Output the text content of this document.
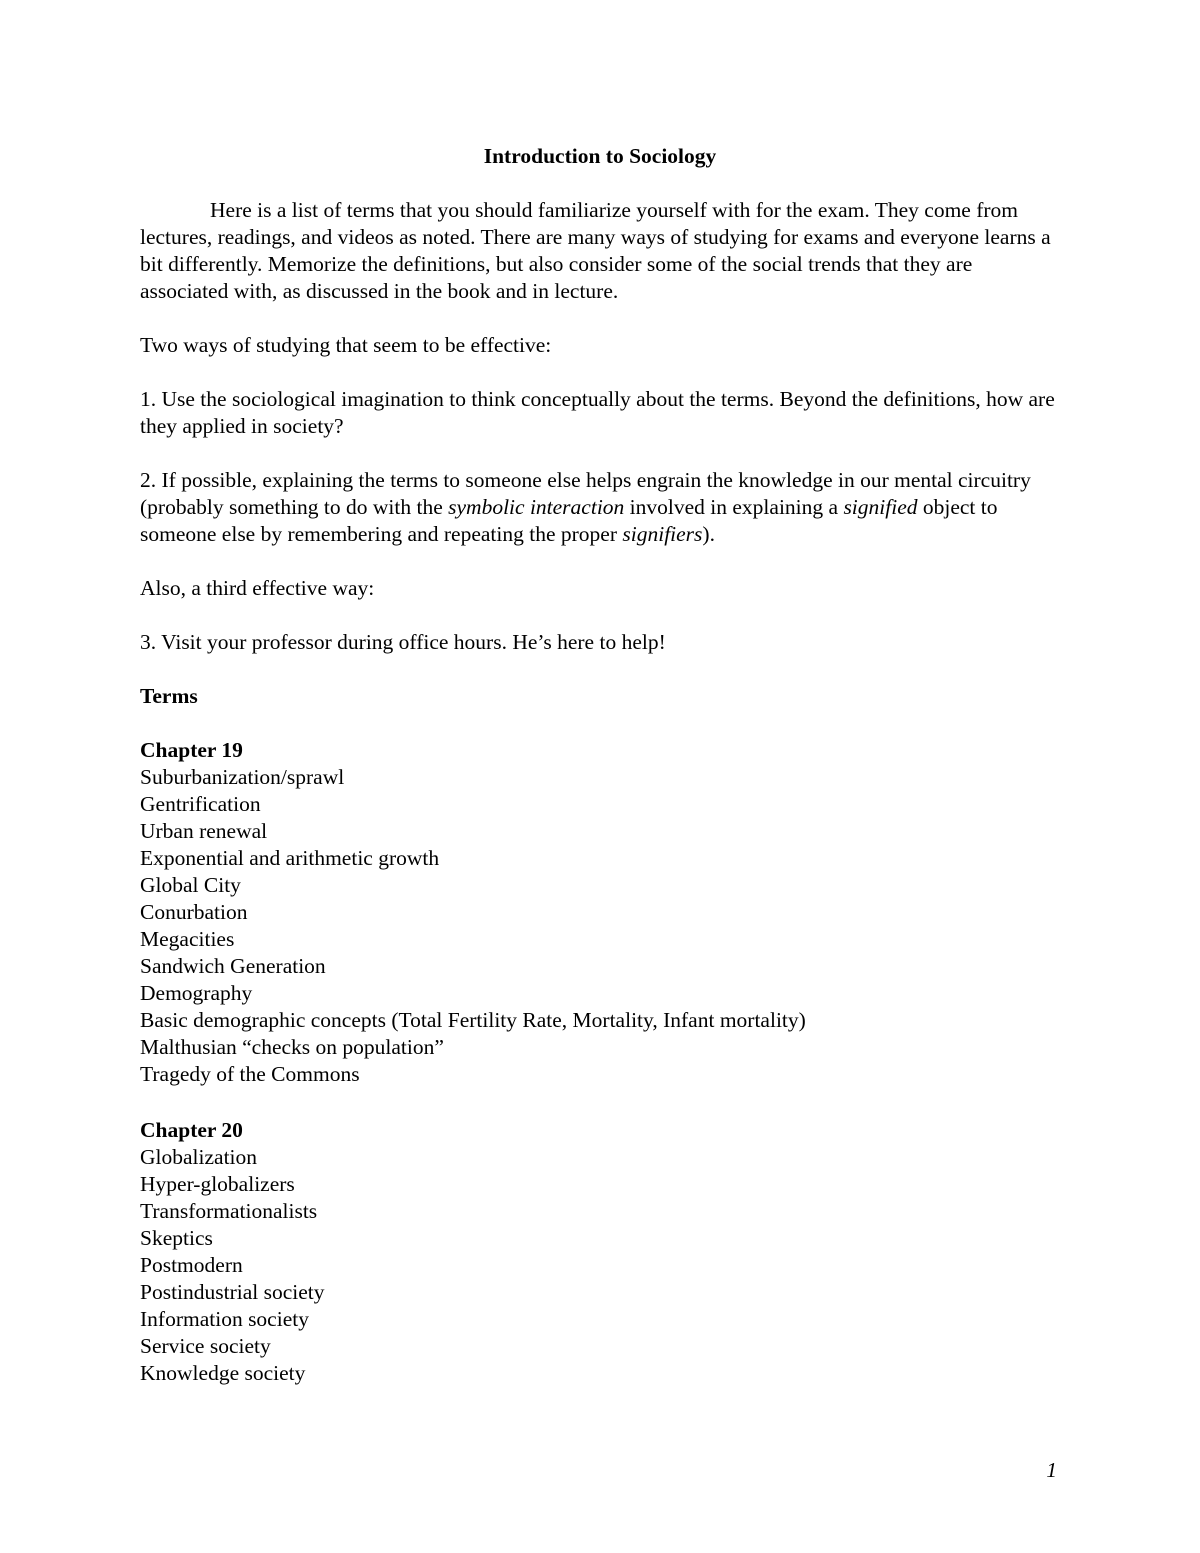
Introduction to Sociology

Here is a list of terms that you should familiarize yourself with for the exam. They come from lectures, readings, and videos as noted. There are many ways of studying for exams and everyone learns a bit differently. Memorize the definitions, but also consider some of the social trends that they are associated with, as discussed in the book and in lecture.

Two ways of studying that seem to be effective:

1. Use the sociological imagination to think conceptually about the terms. Beyond the definitions, how are they applied in society?

2. If possible, explaining the terms to someone else helps engrain the knowledge in our mental circuitry (probably something to do with the symbolic interaction involved in explaining a signified object to someone else by remembering and repeating the proper signifiers).

Also, a third effective way:

3. Visit your professor during office hours. He’s here to help!

Terms

Chapter 19
Suburbanization/sprawl
Gentrification
Urban renewal
Exponential and arithmetic growth
Global City
Conurbation
Megacities
Sandwich Generation
Demography
Basic demographic concepts (Total Fertility Rate, Mortality, Infant mortality)
Malthusian “checks on population”
Tragedy of the Commons
Chapter 20
Globalization
Hyper-globalizers
Transformationalists
Skeptics
Postmodern
Postindustrial society
Information society
Service society
Knowledge society
1
